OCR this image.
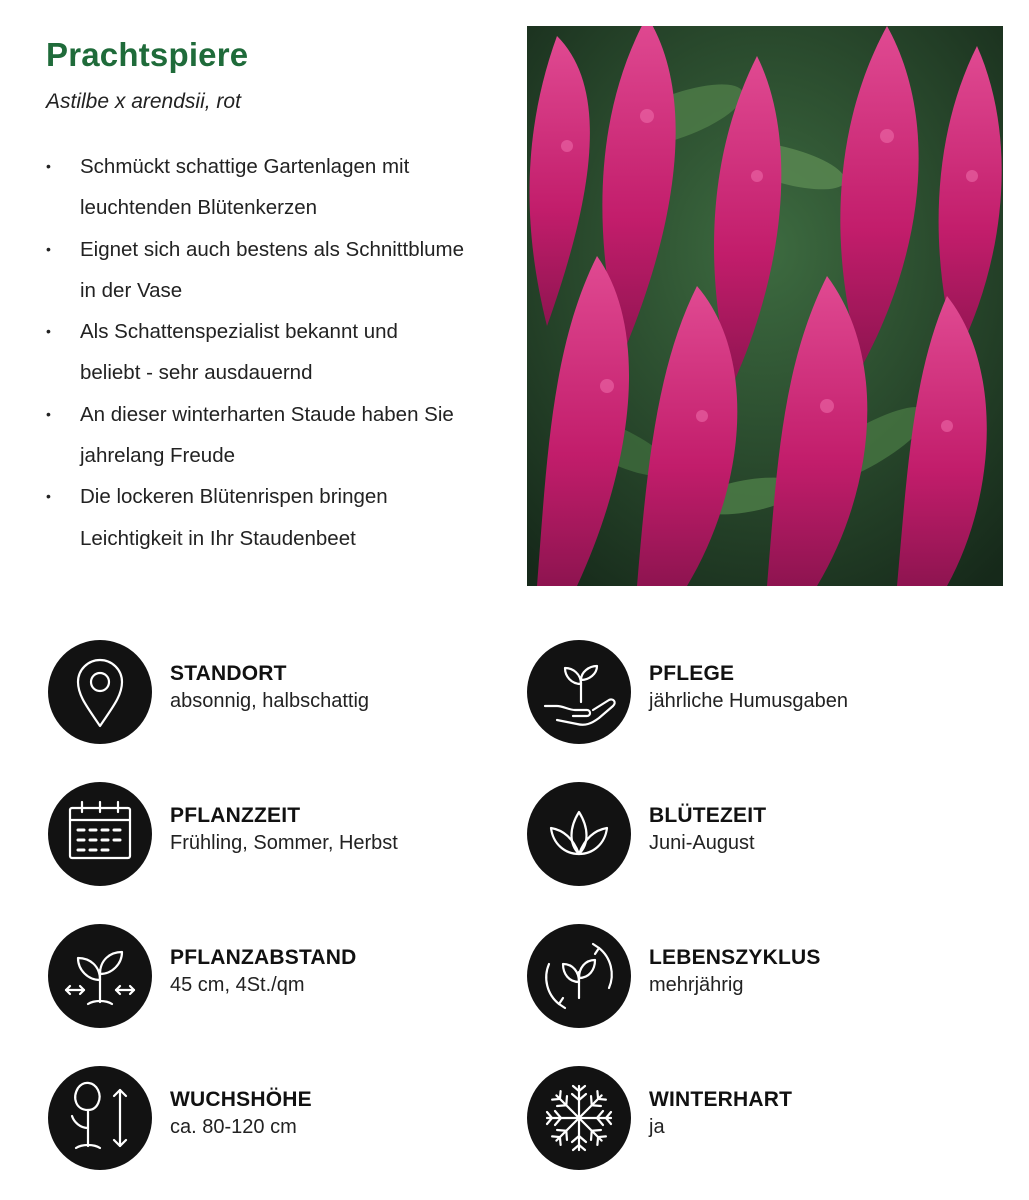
Prachtspiere

Astilbe x arendsii, rot

• Schmückt schattige Gartenlagen mit
leuchtenden Blütenkerzen
• Eignet sich auch bestens als Schnittblume
in der Vase
• Als Schattenspezialist bekannt und
beliebt - sehr ausdauernd
• An dieser winterharten Staude haben Sie
jahrelang Freude
• Die lockeren Blütenrispen bringen
Leichtigkeit in Ihr Staudenbeet
STANDORT
absonnig, halbschattig
PFLEGE
jährliche Humusgaben
PFLANZZEIT
Frühling, Sommer, Herbst
BLÜTEZEIT
Juni-August
PFLANZABSTAND
45 cm, 4St./qm
LEBENSZYKLUS
mehrjährig
WUCHSHÖHE
ca. 80-120 cm
WINTERHART
ja
